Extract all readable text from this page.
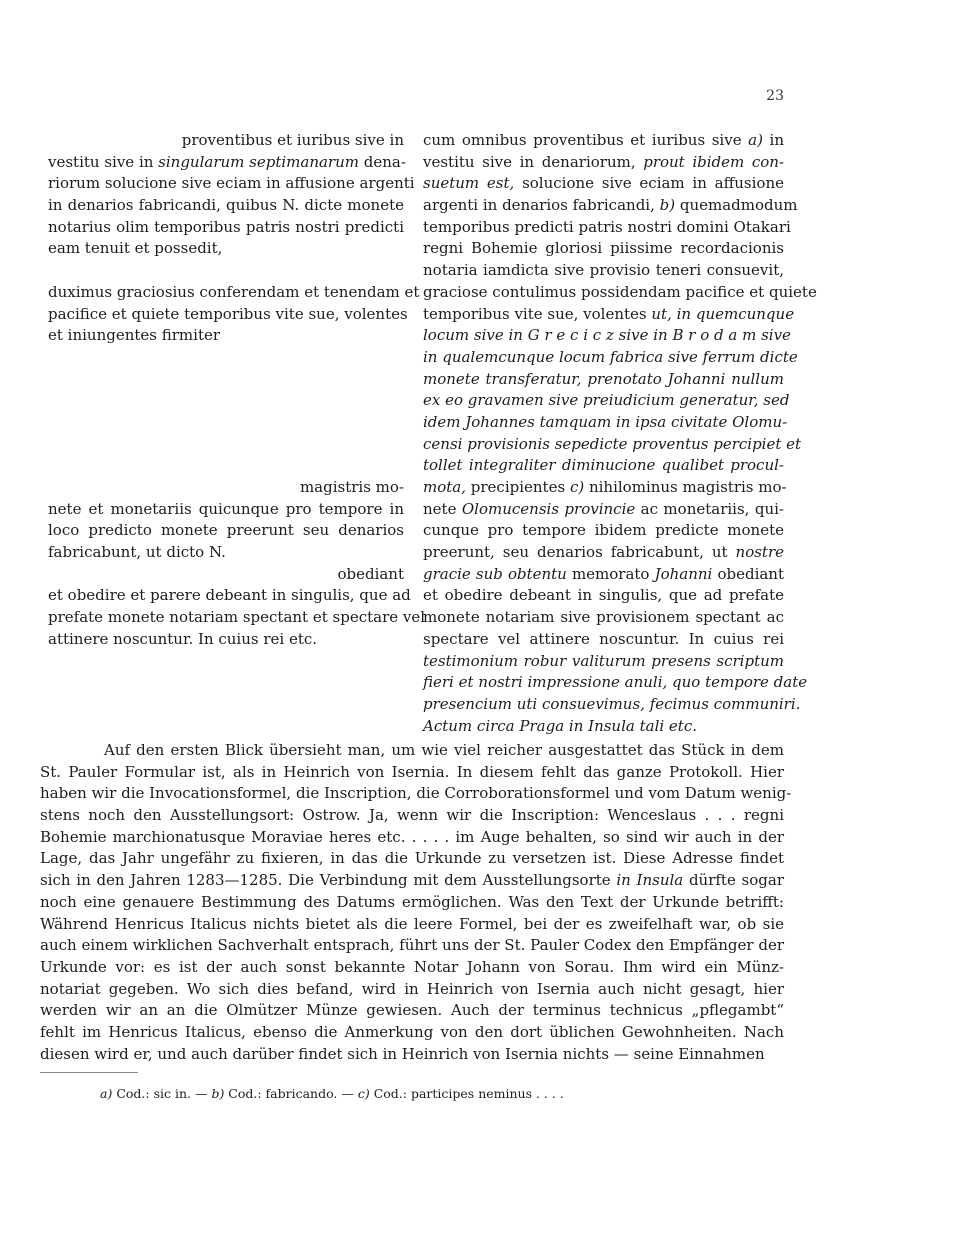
23
proventibus et iuribus sive in
vestitu sive in singularum septimanarum dena-
riorum solucione sive eciam in affusione argenti
in denarios fabricandi, quibus N. dicte monete
notarius olim temporibus patris nostri predicti
eam tenuit et possedit,
duximus graciosius conferendam et tenendam et
pacifice et quiete temporibus vite sue, volentes
et iniungentes firmiter
magistris mo-
nete et monetariis quicunque pro tempore in
loco predicto monete preerunt seu denarios
fabricabunt, ut dicto N.
obediant
et obedire et parere debeant in singulis, que ad
prefate monete notariam spectant et spectare vel
attinere noscuntur. In cuius rei etc.
cum omnibus proventibus et iuribus sive a) in
vestitu sive in denariorum, prout ibidem con-
suetum est, solucione sive eciam in affusione
argenti in denarios fabricandi, b) quemadmodum
temporibus predicti patris nostri domini Otakari
regni Bohemie gloriosi piissime recordacionis
notaria iamdicta sive provisio teneri consuevit,
graciose contulimus possidendam pacifice et quiete
temporibus vite sue, volentes ut, in quemcunque
locum sive in G r e c i c z sive in B r o d a m sive
in qualemcunque locum fabrica sive ferrum dicte
monete transferatur, prenotato Johanni nullum
ex eo gravamen sive preiudicium generatur, sed
idem Johannes tamquam in ipsa civitate Olomu-
censi provisionis sepedicte proventus percipiet et
tollet integraliter diminucione qualibet procul-
mota, precipientes c) nihilominus magistris mo-
nete Olomucensis provincie ac monetariis, qui-
cunque pro tempore ibidem predicte monete
preerunt, seu denarios fabricabunt, ut nostre
gracie sub obtentu memorato Johanni obediant
et obedire debeant in singulis, que ad prefate
monete notariam sive provisionem spectant ac
spectare vel attinere noscuntur. In cuius rei
testimonium robur valiturum presens scriptum
fieri et nostri impressione anuli, quo tempore date
presencium uti consuevimus, fecimus communiri.
Actum circa Praga in Insula tali etc.
Auf den ersten Blick übersieht man, um wie viel reicher ausgestattet das Stück in dem
St. Pauler Formular ist, als in Heinrich von Isernia. In diesem fehlt das ganze Protokoll. Hier
haben wir die Invocationsformel, die Inscription, die Corroborationsformel und vom Datum wenig-
stens noch den Ausstellungsort: Ostrow. Ja, wenn wir die Inscription: Wenceslaus . . . regni
Bohemie marchionatusque Moraviae heres etc. . . . . im Auge behalten, so sind wir auch in der
Lage, das Jahr ungefähr zu fixieren, in das die Urkunde zu versetzen ist. Diese Adresse findet
sich in den Jahren 1283—1285. Die Verbindung mit dem Ausstellungsorte in Insula dürfte sogar
noch eine genauere Bestimmung des Datums ermöglichen. Was den Text der Urkunde betrifft:
Während Henricus Italicus nichts bietet als die leere Formel, bei der es zweifelhaft war, ob sie
auch einem wirklichen Sachverhalt entsprach, führt uns der St. Pauler Codex den Empfänger der
Urkunde vor: es ist der auch sonst bekannte Notar Johann von Sorau. Ihm wird ein Münz-
notariat gegeben. Wo sich dies befand, wird in Heinrich von Isernia auch nicht gesagt, hier
werden wir an an die Olmützer Münze gewiesen. Auch der terminus technicus „pflegambt“
fehlt im Henricus Italicus, ebenso die Anmerkung von den dort üblichen Gewohnheiten. Nach
diesen wird er, und auch darüber findet sich in Heinrich von Isernia nichts — seine Einnahmen
a) Cod.: sic in. — b) Cod.: fabricando. — c) Cod.: participes neminus . . . .
